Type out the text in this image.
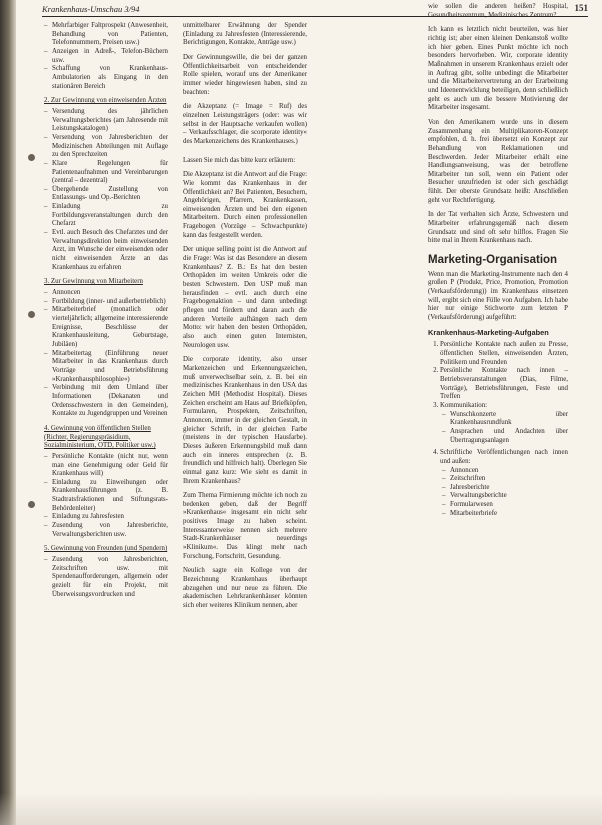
Krankenhaus-Umschau 3/94	151
– Mehrfarbiger Faltprospekt (Anwesenheit, Behandlung von Patienten, Telefonnummern, Preisen usw.)
– Anzeigen in Adreß-, Telefon-Büchern usw.
– Schaffung von Krankenhaus-Ambulatorien als Eingang in den stationären Bereich
2. Zur Gewinnung von einweisenden Ärzten
– Versendung des jährlichen Verwaltungsberichtes (am Jahresende mit Leistungskatalogen)
– Versendung von Jahresberichten der Medizinischen Abteilungen mit Auflage zu den Sprechzeiten
– Klare Regelungen für Patientenaufnahmen und Vereinbarungen (zentral – dezentral)
– Übergehende Zustellung von Entlassungs- und Op.-Berichten
– Einladung zu Fortbildungsveranstaltungen durch den Chefarzt
– Evtl. auch Besuch des Chefarztes und der Verwaltungsdirektion beim einweisenden Arzt, im Wunsche der einweisenden oder nicht einweisenden Ärzte an das Krankenhaus zu erfahren
3. Zur Gewinnung von Mitarbeitern
– Annoncen
– Fortbildung (inner- und außerbetrieblich)
– Mitarbeiterbrief (monatlich oder vierteljährlich; allgemeine interessierende Ereignisse, Beschlüsse der Krankenhausleitung, Geburtstage, Jubiläen)
– Mitarbeitertag (Einführung neuer Mitarbeiter in das Krankenhaus durch Vorträge und Betriebsführung »Krankenhausphilosophie«)
– Verbindung mit dem Umland über Informationen (Dekanaten und Ordensschwestern in den Gemeinden), Kontakte zu Jugendgruppen und Vereinen
4. Gewinnung von öffentlichen Stellen (Richter, Regierungspräsidium, Sozialministerium, OTD, Politiker usw.)
– Persönliche Kontakte (nicht nur, wenn man eine Genehmigung oder Geld für Krankenhaus will)
– Einladung zu Einweihungen oder Krankenhausführungen (z. B. Stadtratsfraktionen und Stiftungsrats-Behördenleiter)
– Einladung zu Jahresfesten
– Zusendung von Jahresberichte, Verwaltungsberichten usw.
5. Gewinnung von Freunden (und Spendern)
– Zusendung von Jahresberichten, Zeitschriften usw. mit Spendenaufforderungen, allgemein oder gezielt für ein Projekt, mit Überweisungsvordrucken und

unmittelbarer Erwähnung der Spender (Einladung zu Jahresfesten (Interessierende, Berichtigungen, Kontakte, Anträge usw.)

Der Gewinnungswille, die bei der ganzen Öffentlichkeitsarbeit von entscheidender Rolle spielen, worauf uns der Amerikaner immer wieder hingewiesen haben, sind zu beachten:

die Akzeptanz (= Image = Ruf) des einzelnen Leistungsträgers (oder: was wir selbst in der Hauptsache verkaufen wollen) – Verkaufsschlager, die scorporate identity« des Markenzeichens des Krankenhauses.)

Lassen Sie mich das bitte kurz erläutern:

Die Akzeptanz ist die Antwort auf die Frage: Wie kommt das Krankenhaus in der Öffentlichkeit an? Bei Patienten, Besuchern, Angehörigen, Pfarrern, Krankenkassen, einweisenden Ärzten und bei den eigenen Mitarbeitern. Durch einen professionellen Fragebogen (Vorzüge – Schwachpunkte) kann das festgestellt werden.

Der unique selling point ist die Antwort auf die Frage: Was ist das Besondere an diesem Krankenhaus? Z. B.: Es hat den besten Orthopäden im weiten Umkreis oder die besten Schwestern. Den USP muß man herausfinden – evtl. auch durch eine Fragebogenaktion – und dann unbedingt pflegen und fördern und daran auch die anderen Vorteile aufhängen nach dem Motto: wir haben den besten Orthopäden, also auch einen guten Internisten, Neurologen usw.

Die corporate identity, also unser Markenzeichen und Erkennungszeichen, muß unverwechselbar sein, z. B. bei ein medizinisches Krankenhaus in den USA das Zeichen MH (Methodist Hospital). Dieses Zeichen erscheint am Haus auf Briefköpfen, Formularen, Prospekten, Zeitschriften, Annoncen, immer in der gleichen Gestalt, in gleicher Schrift, in der gleichen Farbe (meistens in der typischen Hausfarbe). Dieses äußeren Erkennungsbild muß dann auch ein inneres entsprechen (z. B. freundlich und hilfreich halt). Überlegen Sie einmal ganz kurz: Wie sieht es damit in Ihrem Krankenhaus?

Zum Thema Firmierung möchte ich noch zu bedenken geben, daß der Begriff »Krankenhaus« insgesamt ein nicht sehr positives Image zu haben scheint. Interessanterweise nennen sich mehrere Stadt-Krankenhäuser neuerdings »Klinikum«. Das klingt mehr nach Forschung, Fortschritt, Gesundung.

Neulich sagte ein Kollege von der Bezeichnung Krankenhaus überhaupt abzugehen und nur neue zu führen. Die akademischen Lehrkrankenhäuser könnten sich eher weiteres Klinikum nennen, aber

wie sollen die anderen heißen? Hospital, Gesundheitszentrum, Medizinisches Zentrum?

Ich kann es letztlich nicht beurteilen, was hier richtig ist; aber einen kleinen Denkanstoß wollte ich hier geben. Eines Punkt möchte ich noch besonders hervorheben. Wir, corporate identity Maßnahmen in unserem Krankenhaus erzielt oder in Auftrag gibt, sollte unbedingt die Mitarbeiter und die Mitarbeitervertretung an der Erarbeitung und Ideenentwicklung beteiligen, denn schließlich geht es auch um die bessere Motivierung der Mitarbeiter insgesamt.

Von den Amerikanern wurde uns in diesem Zusammenhang ein Multiplikatoren-Konzept empfohlen, d. h. frei übersetzt ein Konzept zur Behandlung von Reklamationen und Beschwerden. Jeder Mitarbeiter erhält eine Handlungsanweisung, was der betroffene Mitarbeiter tun soll, wenn ein Patient oder Besucher unzufrieden ist oder sich geschädigt fühlt. Der oberste Grundsatz heißt: Anschließen geht vor Rechtfertigung.

In der Tat verhalten sich Ärzte, Schwestern und Mitarbeiter erfahrungsgemäß nach diesem Grundsatz und sind oft sehr hilflos. Fragen Sie bitte mal in Ihrem Krankenhaus nach.

Marketing-Organisation

Wenn man die Marketing-Instrumente nach den 4 großen P (Produkt, Price, Promotion, Promotion (Verkaufsförderung)) im Krankenhaus einsetzen will, ergibt sich eine Fülle von Aufgaben. Ich habe hier nur einige Stichworte zum letzten P (Verkaufsförderung) aufgeführt:

Krankenhaus-Marketing-Aufgaben
1. Persönliche Kontakte nach außen zu Presse, öffentlichen Stellen, einweisenden Ärzten, Politikern und Freunden
2. Persönliche Kontakte nach innen – Betriebsveranstaltungen (Dias, Filme, Vorträge), Betriebsführungen, Feste und Treffen
3. Kommunikation:
– Wunschkonzerte über Krankenhausrundfunk
– Ansprachen und Andachten über Übertragungsanlagen
4. Schriftliche Veröffentlichungen nach innen und außen:
– Annoncen
– Zeitschriften
– Jahresberichte
– Verwaltungsberichte
– Formularwesen
– Mitarbeiterbriefe
